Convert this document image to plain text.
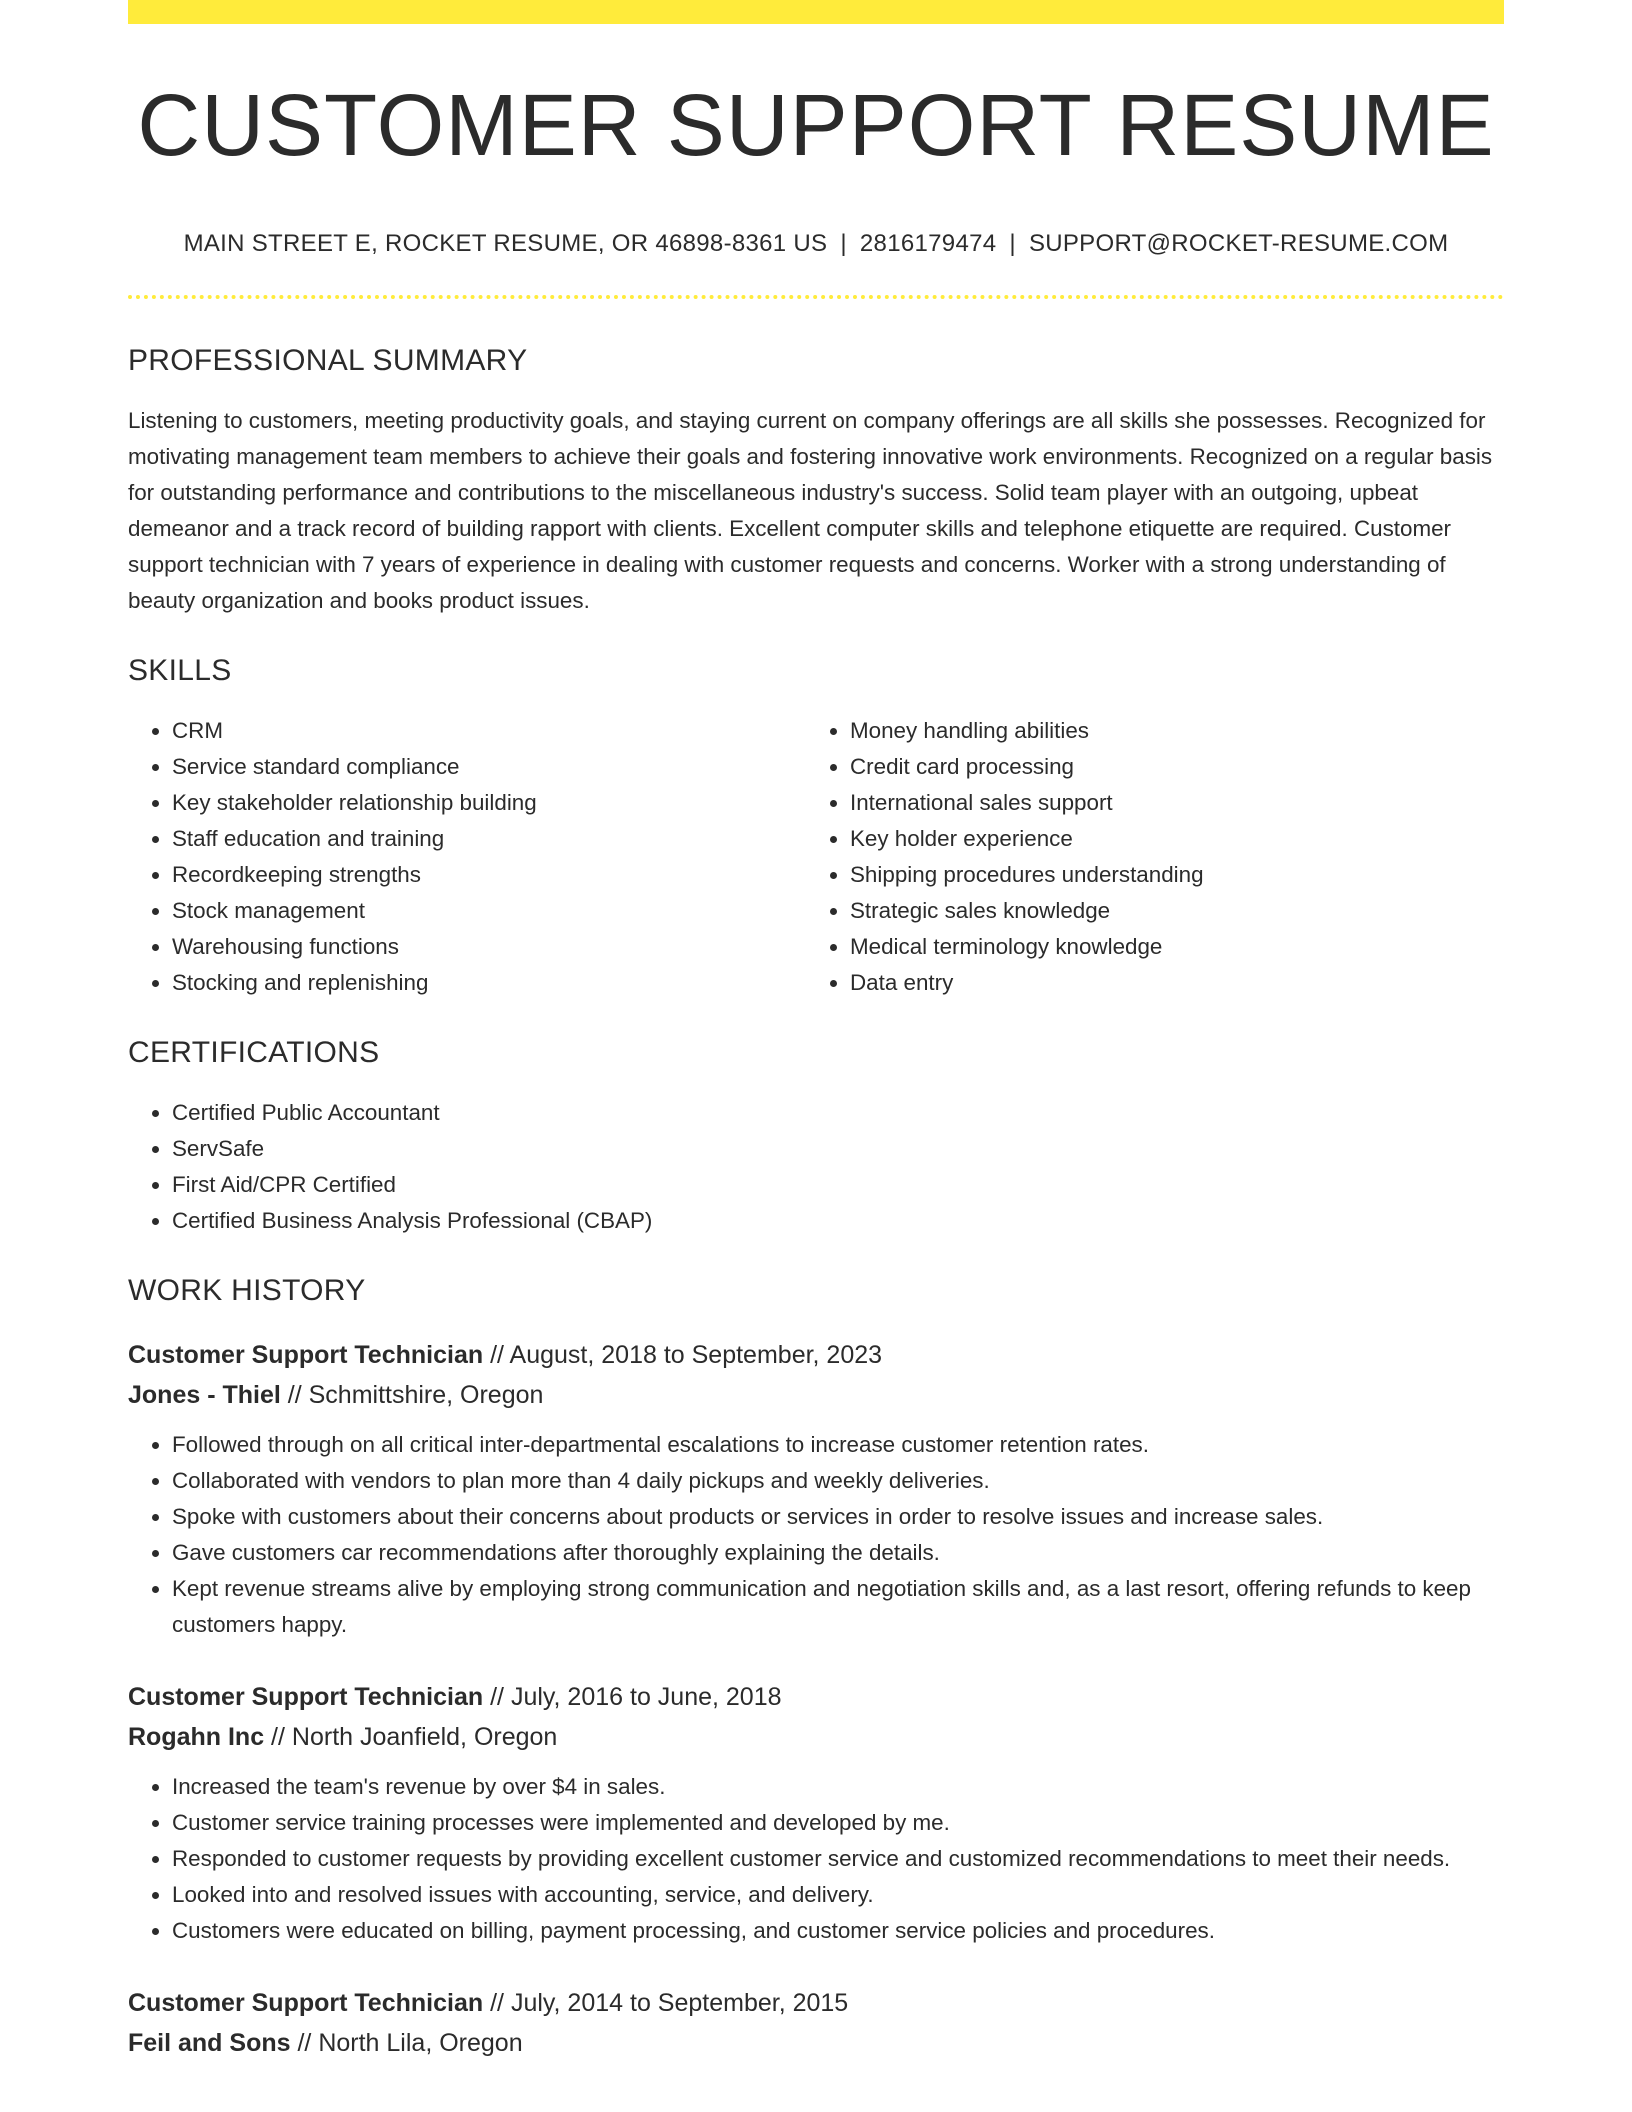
CUSTOMER SUPPORT RESUME
MAIN STREET E, ROCKET RESUME, OR 46898-8361 US | 2816179474 | SUPPORT@ROCKET-RESUME.COM
PROFESSIONAL SUMMARY
Listening to customers, meeting productivity goals, and staying current on company offerings are all skills she possesses. Recognized for motivating management team members to achieve their goals and fostering innovative work environments. Recognized on a regular basis for outstanding performance and contributions to the miscellaneous industry's success. Solid team player with an outgoing, upbeat demeanor and a track record of building rapport with clients. Excellent computer skills and telephone etiquette are required. Customer support technician with 7 years of experience in dealing with customer requests and concerns. Worker with a strong understanding of beauty organization and books product issues.
SKILLS
• CRM
• Service standard compliance
• Key stakeholder relationship building
• Staff education and training
• Recordkeeping strengths
• Stock management
• Warehousing functions
• Stocking and replenishing
• Money handling abilities
• Credit card processing
• International sales support
• Key holder experience
• Shipping procedures understanding
• Strategic sales knowledge
• Medical terminology knowledge
• Data entry
CERTIFICATIONS
• Certified Public Accountant
• ServSafe
• First Aid/CPR Certified
• Certified Business Analysis Professional (CBAP)
WORK HISTORY
Customer Support Technician // August, 2018 to September, 2023
Jones - Thiel // Schmittshire, Oregon
• Followed through on all critical inter-departmental escalations to increase customer retention rates.
• Collaborated with vendors to plan more than 4 daily pickups and weekly deliveries.
• Spoke with customers about their concerns about products or services in order to resolve issues and increase sales.
• Gave customers car recommendations after thoroughly explaining the details.
• Kept revenue streams alive by employing strong communication and negotiation skills and, as a last resort, offering refunds to keep customers happy.
Customer Support Technician // July, 2016 to June, 2018
Rogahn Inc // North Joanfield, Oregon
• Increased the team's revenue by over $4 in sales.
• Customer service training processes were implemented and developed by me.
• Responded to customer requests by providing excellent customer service and customized recommendations to meet their needs.
• Looked into and resolved issues with accounting, service, and delivery.
• Customers were educated on billing, payment processing, and customer service policies and procedures.
Customer Support Technician // July, 2014 to September, 2015
Feil and Sons // North Lila, Oregon
